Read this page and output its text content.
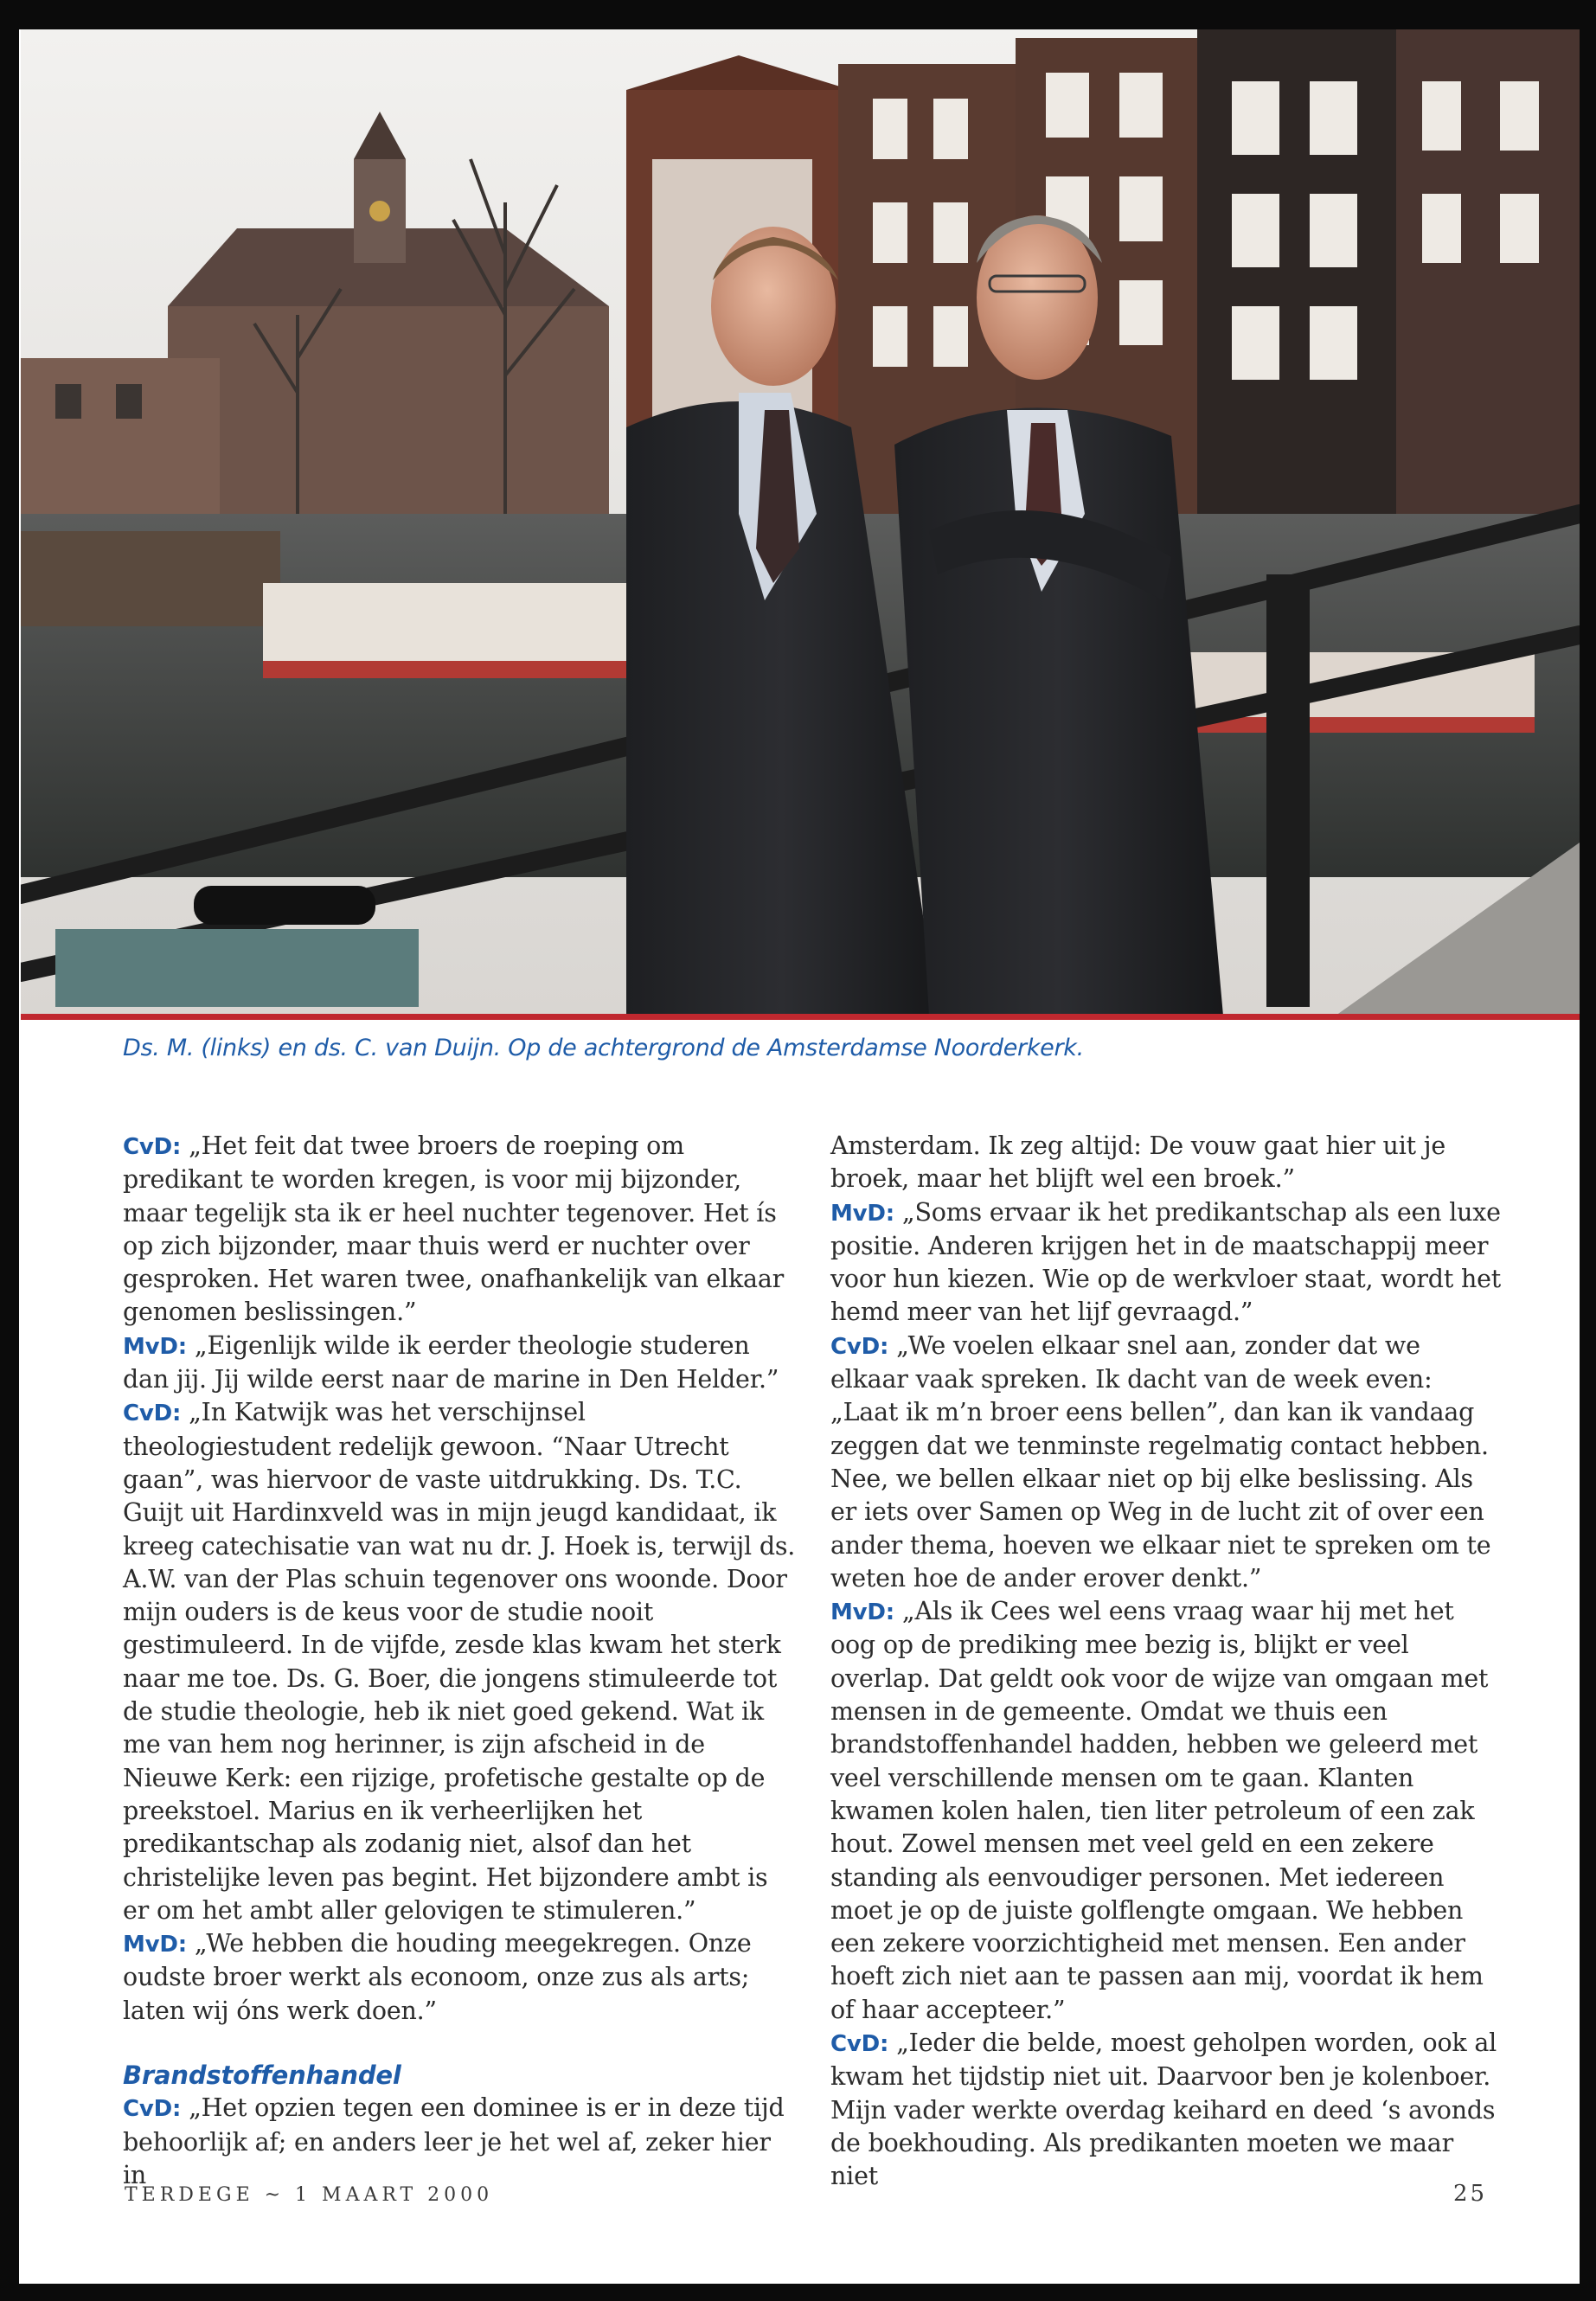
Ds. M. (links) en ds. C. van Duijn. Op de achtergrond de Amsterdamse Noorderkerk.

CvD: „Het feit dat twee broers de roeping om predikant te worden kregen, is voor mij bijzonder, maar tegelijk sta ik er heel nuchter tegenover. Het ís op zich bijzonder, maar thuis werd er nuchter over gesproken. Het waren twee, onafhankelijk van elkaar genomen beslissingen.”

MvD: „Eigenlijk wilde ik eerder theologie studeren dan jij. Jij wilde eerst naar de marine in Den Helder.”

CvD: „In Katwijk was het verschijnsel theologiestudent redelijk gewoon. “Naar Utrecht gaan”, was hiervoor de vaste uitdrukking. Ds. T.C. Guijt uit Hardinxveld was in mijn jeugd kandidaat, ik kreeg catechisatie van wat nu dr. J. Hoek is, terwijl ds. A.W. van der Plas schuin tegenover ons woonde. Door mijn ouders is de keus voor de studie nooit gestimuleerd. In de vijfde, zesde klas kwam het sterk naar me toe. Ds. G. Boer, die jongens stimuleerde tot de studie theologie, heb ik niet goed gekend. Wat ik me van hem nog herinner, is zijn afscheid in de Nieuwe Kerk: een rijzige, profetische gestalte op de preekstoel. Marius en ik verheerlijken het predikantschap als zodanig niet, alsof dan het christelijke leven pas begint. Het bijzondere ambt is er om het ambt aller gelovigen te stimuleren.”

MvD: „We hebben die houding meegekregen. Onze oudste broer werkt als econoom, onze zus als arts; laten wij óns werk doen.”

Brandstoffenhandel

CvD: „Het opzien tegen een dominee is er in deze tijd behoorlijk af; en anders leer je het wel af, zeker hier in

Amsterdam. Ik zeg altijd: De vouw gaat hier uit je broek, maar het blijft wel een broek.”

MvD: „Soms ervaar ik het predikantschap als een luxe positie. Anderen krijgen het in de maatschappij meer voor hun kiezen. Wie op de werkvloer staat, wordt het hemd meer van het lijf gevraagd.”

CvD: „We voelen elkaar snel aan, zonder dat we elkaar vaak spreken. Ik dacht van de week even: „Laat ik m’n broer eens bellen”, dan kan ik vandaag zeggen dat we tenminste regelmatig contact hebben. Nee, we bellen elkaar niet op bij elke beslissing. Als er iets over Samen op Weg in de lucht zit of over een ander thema, hoeven we elkaar niet te spreken om te weten hoe de ander erover denkt.”

MvD: „Als ik Cees wel eens vraag waar hij met het oog op de prediking mee bezig is, blijkt er veel overlap. Dat geldt ook voor de wijze van omgaan met mensen in de gemeente. Omdat we thuis een brandstoffenhandel hadden, hebben we geleerd met veel verschillende mensen om te gaan. Klanten kwamen kolen halen, tien liter petroleum of een zak hout. Zowel mensen met veel geld en een zekere standing als eenvoudiger personen. Met iedereen moet je op de juiste golflengte omgaan. We hebben een zekere voorzichtigheid met mensen. Een ander hoeft zich niet aan te passen aan mij, voordat ik hem of haar accepteer.”

CvD: „Ieder die belde, moest geholpen worden, ook al kwam het tijdstip niet uit. Daarvoor ben je kolenboer. Mijn vader werkte overdag keihard en deed ‘s avonds de boekhouding. Als predikanten moeten we maar niet

TERDEGE ~ 1 MAART 2000	25
